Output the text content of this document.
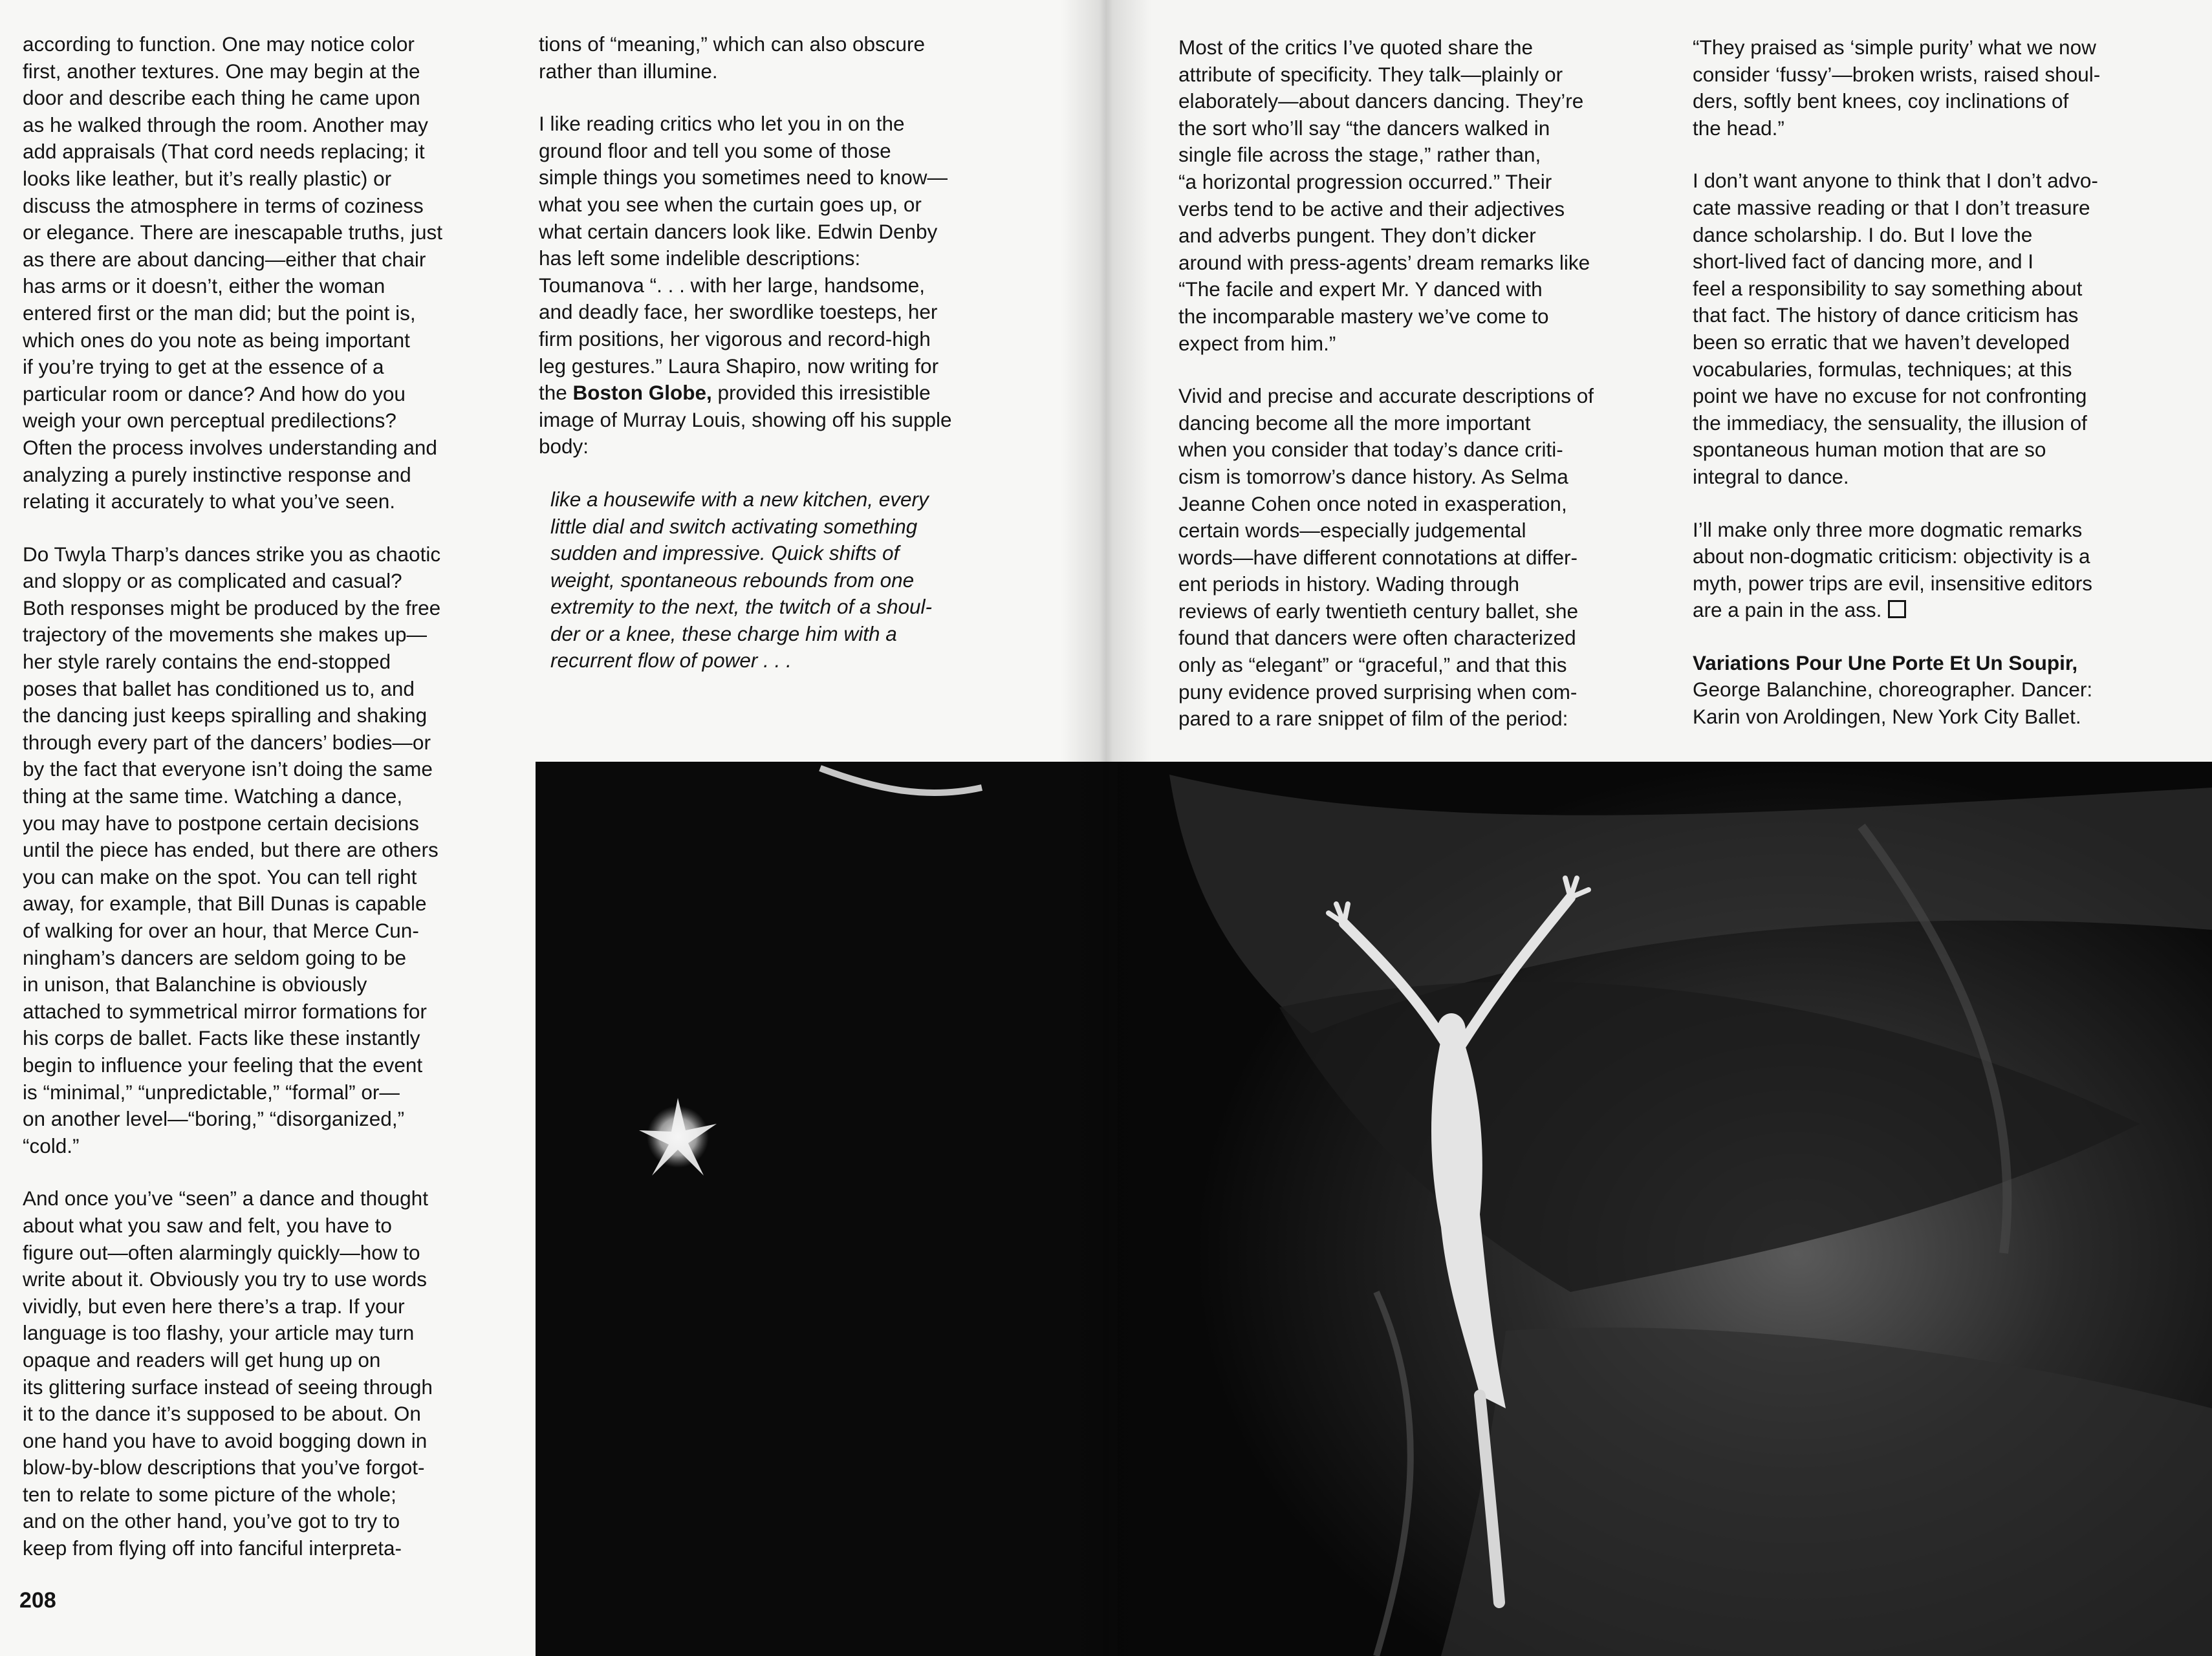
according to function. One may notice color
first, another textures. One may begin at the
door and describe each thing he came upon
as he walked through the room. Another may
add appraisals (That cord needs replacing; it
looks like leather, but it’s really plastic) or
discuss the atmosphere in terms of coziness
or elegance. There are inescapable truths, just
as there are about dancing—either that chair
has arms or it doesn’t, either the woman
entered first or the man did; but the point is,
which ones do you note as being important
if you’re trying to get at the essence of a
particular room or dance? And how do you
weigh your own perceptual predilections?
Often the process involves understanding and
analyzing a purely instinctive response and
relating it accurately to what you’ve seen.

Do Twyla Tharp’s dances strike you as chaotic
and sloppy or as complicated and casual?
Both responses might be produced by the free
trajectory of the movements she makes up—
her style rarely contains the end-stopped
poses that ballet has conditioned us to, and
the dancing just keeps spiralling and shaking
through every part of the dancers’ bodies—or
by the fact that everyone isn’t doing the same
thing at the same time. Watching a dance,
you may have to postpone certain decisions
until the piece has ended, but there are others
you can make on the spot. You can tell right
away, for example, that Bill Dunas is capable
of walking for over an hour, that Merce Cun-
ningham’s dancers are seldom going to be
in unison, that Balanchine is obviously
attached to symmetrical mirror formations for
his corps de ballet. Facts like these instantly
begin to influence your feeling that the event
is “minimal,” “unpredictable,” “formal” or—
on another level—“boring,” “disorganized,”
“cold.”

And once you’ve “seen” a dance and thought
about what you saw and felt, you have to
figure out—often alarmingly quickly—how to
write about it. Obviously you try to use words
vividly, but even here there’s a trap. If your
language is too flashy, your article may turn
opaque and readers will get hung up on
its glittering surface instead of seeing through
it to the dance it’s supposed to be about. On
one hand you have to avoid bogging down in
blow-by-blow descriptions that you’ve forgot-
ten to relate to some picture of the whole;
and on the other hand, you’ve got to try to
keep from flying off into fanciful interpreta-

tions of “meaning,” which can also obscure
rather than illumine.

I like reading critics who let you in on the
ground floor and tell you some of those
simple things you sometimes need to know—
what you see when the curtain goes up, or
what certain dancers look like. Edwin Denby
has left some indelible descriptions:
Toumanova “. . . with her large, handsome,
and deadly face, her swordlike toesteps, her
firm positions, her vigorous and record-high
leg gestures.” Laura Shapiro, now writing for
the Boston Globe, provided this irresistible
image of Murray Louis, showing off his supple
body:

like a housewife with a new kitchen, every
little dial and switch activating something
sudden and impressive. Quick shifts of
weight, spontaneous rebounds from one
extremity to the next, the twitch of a shoul-
der or a knee, these charge him with a
recurrent flow of power . . .

Most of the critics I’ve quoted share the
attribute of specificity. They talk—plainly or
elaborately—about dancers dancing. They’re
the sort who’ll say “the dancers walked in
single file across the stage,” rather than,
“a horizontal progression occurred.” Their
verbs tend to be active and their adjectives
and adverbs pungent. They don’t dicker
around with press-agents’ dream remarks like
“The facile and expert Mr. Y danced with
the incomparable mastery we’ve come to
expect from him.”

Vivid and precise and accurate descriptions of
dancing become all the more important
when you consider that today’s dance criti-
cism is tomorrow’s dance history. As Selma
Jeanne Cohen once noted in exasperation,
certain words—especially judgemental
words—have different connotations at differ-
ent periods in history. Wading through
reviews of early twentieth century ballet, she
found that dancers were often characterized
only as “elegant” or “graceful,” and that this
puny evidence proved surprising when com-
pared to a rare snippet of film of the period:

“They praised as ‘simple purity’ what we now
consider ‘fussy’—broken wrists, raised shoul-
ders, softly bent knees, coy inclinations of
the head.”

I don’t want anyone to think that I don’t advo-
cate massive reading or that I don’t treasure
dance scholarship. I do. But I love the
short-lived fact of dancing more, and I
feel a responsibility to say something about
that fact. The history of dance criticism has
been so erratic that we haven’t developed
vocabularies, formulas, techniques; at this
point we have no excuse for not confronting
the immediacy, the sensuality, the illusion of
spontaneous human motion that are so
integral to dance.

I’ll make only three more dogmatic remarks
about non-dogmatic criticism: objectivity is a
myth, power trips are evil, insensitive editors
are a pain in the ass.

Variations Pour Une Porte Et Un Soupir,
George Balanchine, choreographer. Dancer:
Karin von Aroldingen, New York City Ballet.

208
